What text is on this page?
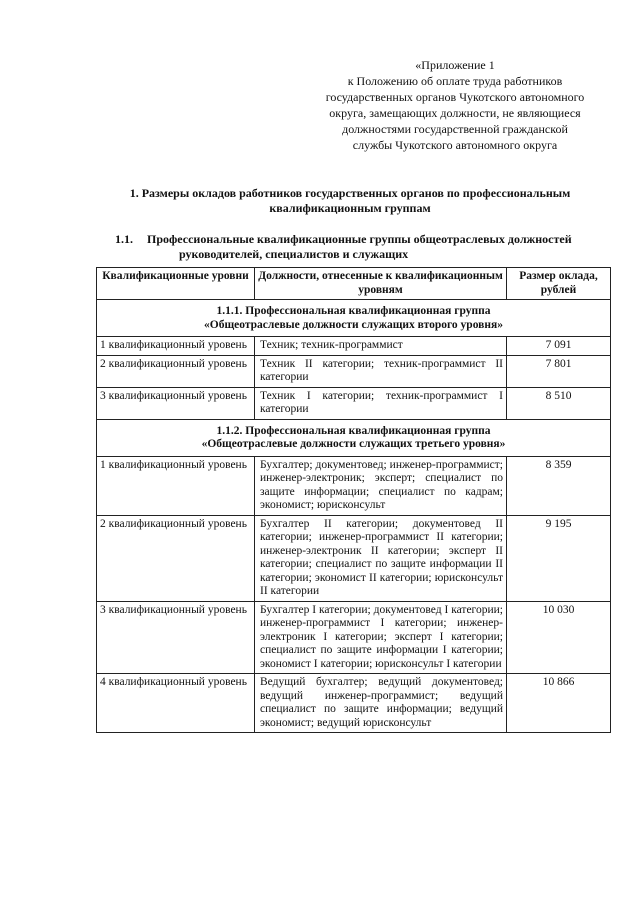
«Приложение 1
к Положению об оплате труда работников
государственных органов Чукотского автономного
округа, замещающих должности, не являющиеся
должностями государственной гражданской
службы Чукотского автономного округа
1. Размеры окладов работников государственных органов по профессиональным
квалификационным группам
1.1. Профессиональные квалификационные группы общеотраслевых должностей
руководителей, специалистов и служащих
Квалификационные уровни	Должности, отнесенные к квалификационным уровням	Размер оклада, рублей

1.1.1. Профессиональная квалификационная группа
«Общеотраслевые должности служащих второго уровня»		

1 квалификационный уровень	Техник; техник-программист	7 091
2 квалификационный уровень	Техник II категории; техник-программист II категории	7 801
3 квалификационный уровень	Техник I категории; техник-программист I категории	8 510

1.1.2. Профессиональная квалификационная группа
«Общеотраслевые должности служащих третьего уровня»		

1 квалификационный уровень	Бухгалтер; документовед; инженер-программист; инженер-электроник; эксперт; специалист по защите информации; специалист по кадрам; экономист; юрисконсульт	8 359
2 квалификационный уровень	Бухгалтер II категории; документовед II категории; инженер-программист II категории; инженер-электроник II категории; эксперт II категории; специалист по защите информации II категории; экономист II категории; юрисконсульт II категории	9 195
3 квалификационный уровень	Бухгалтер I категории; документовед I категории; инженер-программист I категории; инженер-электроник I категории; эксперт I категории; специалист по защите информации I категории; экономист I категории; юрисконсульт I категории	10 030
4 квалификационный уровень	Ведущий бухгалтер; ведущий документовед; ведущий инженер-программист; ведущий специалист по защите информации; ведущий экономист; ведущий юрисконсульт	10 866
